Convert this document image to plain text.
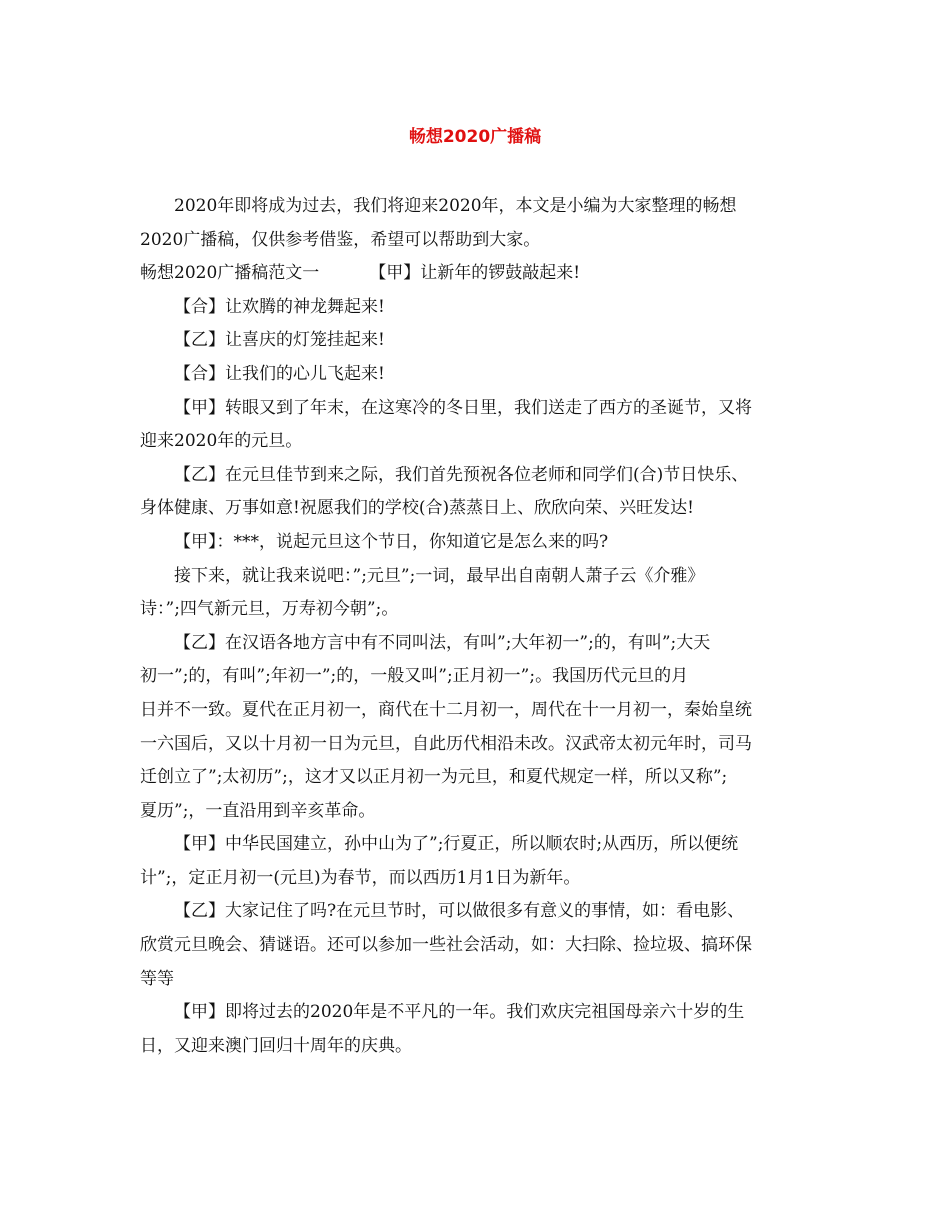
畅想2020广播稿

2020年即将成为过去，我们将迎来2020年，本文是小编为大家整理的畅想
2020广播稿，仅供参考借鉴，希望可以帮助到大家。

畅想2020广播稿范文一	【甲】让新年的锣鼓敲起来!

【合】让欢腾的神龙舞起来!

【乙】让喜庆的灯笼挂起来!

【合】让我们的心儿飞起来!

【甲】转眼又到了年末，在这寒冷的冬日里，我们送走了西方的圣诞节，又将
迎来2020年的元旦。

【乙】在元旦佳节到来之际，我们首先预祝各位老师和同学们(合)节日快乐、
身体健康、万事如意!祝愿我们的学校(合)蒸蒸日上、欣欣向荣、兴旺发达!

【甲】：***，说起元旦这个节日，你知道它是怎么来的吗?

接下来，就让我来说吧：”;元旦”;一词，最早出自南朝人萧子云《介雅》
诗：”;四气新元旦，万寿初今朝”;。

【乙】在汉语各地方言中有不同叫法，有叫”;大年初一”;的，有叫”;大天
初一”;的，有叫”;年初一”;的，一般又叫”;正月初一”;。我国历代元旦的月
日并不一致。夏代在正月初一，商代在十二月初一，周代在十一月初一，秦始皇统
一六国后，又以十月初一日为元旦，自此历代相沿未改。汉武帝太初元年时，司马
迁创立了”;太初历”;，这才又以正月初一为元旦，和夏代规定一样，所以又称”;
夏历”;，一直沿用到辛亥革命。

【甲】中华民国建立，孙中山为了”;行夏正，所以顺农时;从西历，所以便统
计”;，定正月初一(元旦)为春节，而以西历1月1日为新年。

【乙】大家记住了吗?在元旦节时，可以做很多有意义的事情，如：看电影、
欣赏元旦晚会、猜谜语。还可以参加一些社会活动，如：大扫除、捡垃圾、搞环保
等等

【甲】即将过去的2020年是不平凡的一年。我们欢庆完祖国母亲六十岁的生
日，又迎来澳门回归十周年的庆典。
